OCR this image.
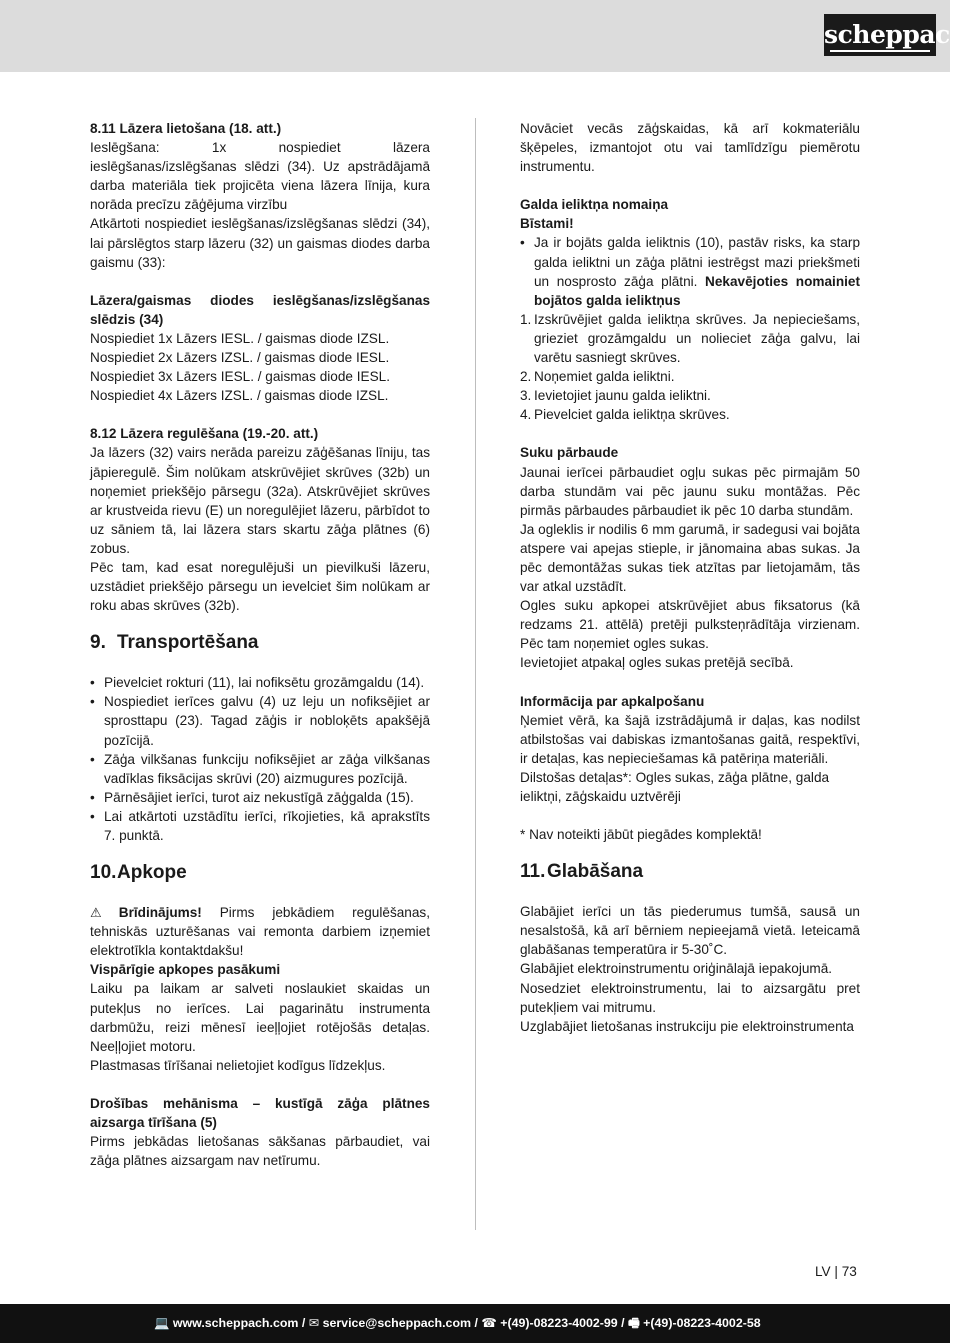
scheppach

8.11 Lāzera lietošana (18. att.)

Ieslēgšana: 1x nospiediet lāzera ieslēgšanas/izslēgšanas slēdzi (34). Uz apstrādājamā darba materiāla tiek projicēta viena lāzera līnija, kura norāda precīzu zāģējuma virzību

Atkārtoti nospiediet ieslēgšanas/izslēgšanas slēdzi (34), lai pārslēgtos starp lāzeru (32) un gaismas diodes darba gaismu (33):

Lāzera/gaismas diodes ieslēgšanas/izslēgšanas slēdzis (34)

Nospiediet 1x Lāzers IESL. / gaismas diode IZSL.

Nospiediet 2x Lāzers IZSL. / gaismas diode IESL.

Nospiediet 3x Lāzers IESL. / gaismas diode IESL.

Nospiediet 4x Lāzers IZSL. / gaismas diode IZSL.

8.12 Lāzera regulēšana (19.-20. att.)

Ja lāzers (32) vairs nerāda pareizu zāģēšanas līniju, tas jāpieregulē. Šim nolūkam atskrūvējiet skrūves (32b) un noņemiet priekšējo pārsegu (32a). Atskrūvējiet skrūves ar krustveida rievu (E) un noregulējiet lāzeru, pārbīdot to uz sāniem tā, lai lāzera stars skartu zāģa plātnes (6) zobus.

Pēc tam, kad esat noregulējuši un pievilkuši lāzeru, uzstādiet priekšējo pārsegu un ievelciet šim nolūkam ar roku abas skrūves (32b).

9. Transportēšana
• Pievelciet rokturi (11), lai nofiksētu grozāmgaldu (14).
• Nospiediet ierīces galvu (4) uz leju un nofiksējiet ar sprosttapu (23). Tagad zāģis ir nobloķēts apakšējā pozīcijā.
• Zāģa vilkšanas funkciju nofiksējiet ar zāģa vilkšanas vadīklas fiksācijas skrūvi (20) aizmugures pozīcijā.
• Pārnēsājiet ierīci, turot aiz nekustīgā zāģgalda (15).
• Lai atkārtoti uzstādītu ierīci, rīkojieties, kā aprakstīts 7. punktā.
10.Apkope

⚠ Brīdinājums! Pirms jebkādiem regulēšanas, tehniskās uzturēšanas vai remonta darbiem izņemiet elektrotīkla kontaktdakšu!

Vispārīgie apkopes pasākumi

Laiku pa laikam ar salveti noslaukiet skaidas un putekļus no ierīces. Lai pagarinātu instrumenta darbmūžu, reizi mēnesī ieeļļojiet rotējošās detaļas. Neeļļojiet motoru.

Plastmasas tīrīšanai nelietojiet kodīgus līdzekļus.

Drošības mehānisma – kustīgā zāģa plātnes aizsarga tīrīšana (5)

Pirms jebkādas lietošanas sākšanas pārbaudiet, vai zāģa plātnes aizsargam nav netīrumu.

Novāciet vecās zāģskaidas, kā arī kokmateriālu šķēpeles, izmantojot otu vai tamlīdzīgu piemērotu instrumentu.

Galda ieliktņa nomaiņa

Bīstami!

• Ja ir bojāts galda ieliktnis (10), pastāv risks, ka starp galda ieliktni un zāģa plātni iestrēgst mazi priekšmeti un nosprosto zāģa plātni. Nekavējoties nomainiet bojātos galda ieliktņus
1. Izskrūvējiet galda ieliktņa skrūves. Ja nepieciešams, grieziet grozāmgaldu un nolieciet zāģa galvu, lai varētu sasniegt skrūves.
2. Noņemiet galda ieliktni.
3. Ievietojiet jaunu galda ieliktni.
4. Pievelciet galda ieliktņa skrūves.

Suku pārbaude

Jaunai ierīcei pārbaudiet ogļu sukas pēc pirmajām 50 darba stundām vai pēc jaunu suku montāžas. Pēc pirmās pārbaudes pārbaudiet ik pēc 10 darba stundām.

Ja ogleklis ir nodilis 6 mm garumā, ir sadegusi vai bojāta atspere vai apejas stieple, ir jānomaina abas sukas. Ja pēc demontāžas sukas tiek atzītas par lietojamām, tās var atkal uzstādīt.

Ogles suku apkopei atskrūvējiet abus fiksatorus (kā redzams 21. attēlā) pretēji pulksteņrādītāja virzienam. Pēc tam noņemiet ogles sukas.

Ievietojiet atpakaļ ogles sukas pretējā secībā.

Informācija par apkalpošanu

Ņemiet vērā, ka šajā izstrādājumā ir daļas, kas nodilst atbilstošas vai dabiskas izmantošanas gaitā, respektīvi, ir detaļas, kas nepieciešamas kā patēriņa materiāli.

Dilstošas detaļas*: Ogles sukas, zāģa plātne, galda ieliktņi, zāģskaidu uztvērēji

* Nav noteikti jābūt piegādes komplektā!

11.Glabāšana

Glabājiet ierīci un tās piederumus tumšā, sausā un nesalstošā, kā arī bērniem nepieejamā vietā. Ieteicamā glabāšanas temperatūra ir 5-30˚C.

Glabājiet elektroinstrumentu oriģinālajā iepakojumā.

Nosedziet elektroinstrumentu, lai to aizsargātu pret putekļiem vai mitrumu.

Uzglabājiet lietošanas instrukciju pie elektroinstrumenta

LV | 73
💻 www.scheppach.com / ✉ service@scheppach.com / ☎ +(49)-08223-4002-99 / 🖷 +(49)-08223-4002-58
